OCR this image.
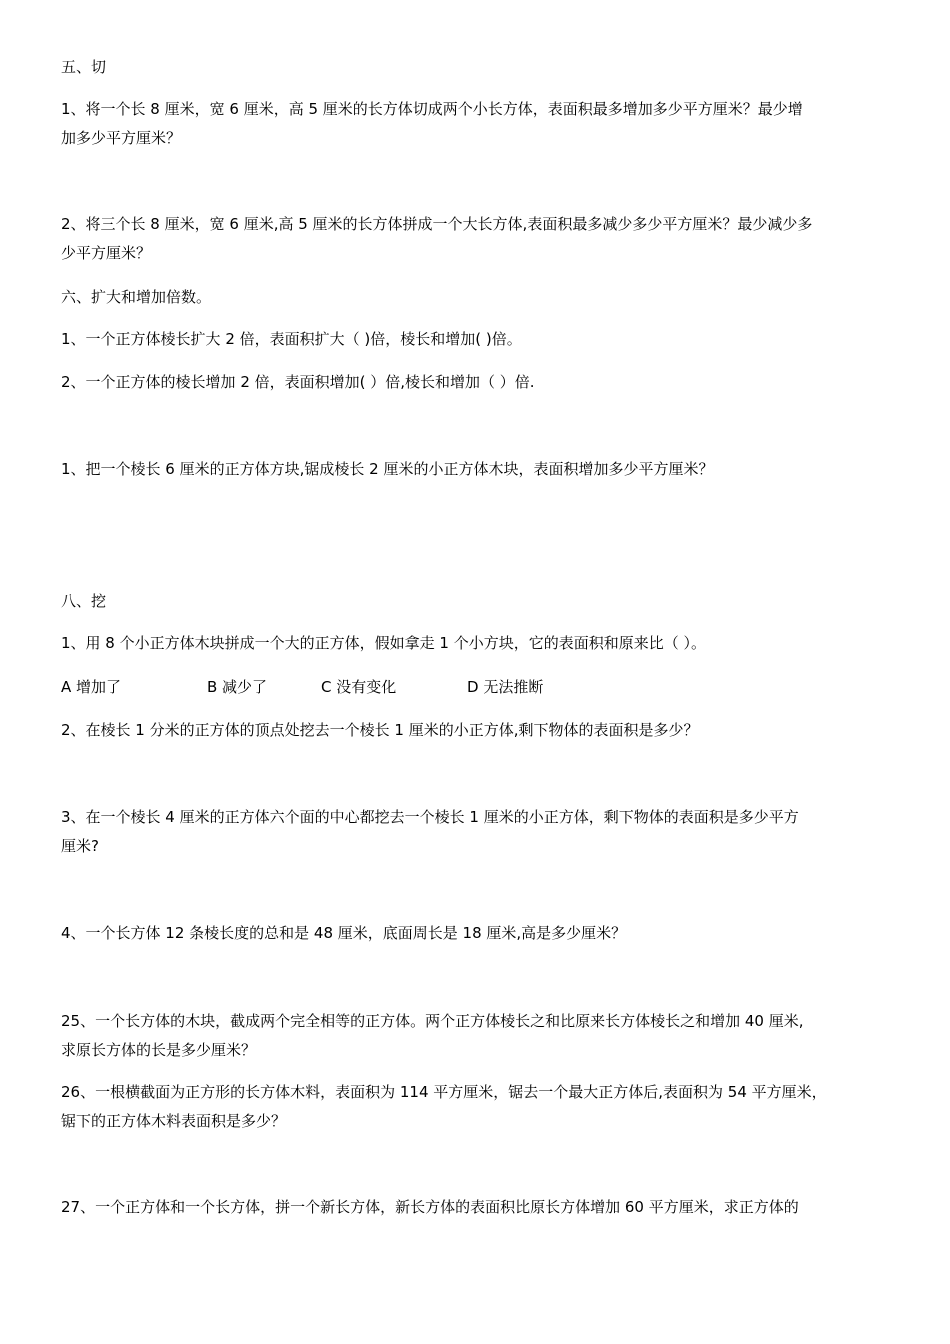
五、切
1、将一个长 8 厘米，宽 6 厘米，高 5 厘米的长方体切成两个小长方体，表面积最多增加多少平方厘米？最少增
加多少平方厘米？
2、将三个长 8 厘米，宽 6 厘米,高 5 厘米的长方体拼成一个大长方体,表面积最多减少多少平方厘米？最少减少多
少平方厘米？
六、扩大和增加倍数。
1、一个正方体棱长扩大 2 倍，表面积扩大（ )倍，棱长和增加( )倍。
2、一个正方体的棱长增加 2 倍，表面积增加( ）倍,棱长和增加（ ）倍.
1、把一个棱长 6 厘米的正方体方块,锯成棱长 2 厘米的小正方体木块，表面积增加多少平方厘米？
八、挖
1、用 8 个小正方体木块拼成一个大的正方体，假如拿走 1 个小方块，它的表面积和原来比（ ）。
A 增加了	B 减少了	C 没有变化	D 无法推断
2、在棱长 1 分米的正方体的顶点处挖去一个棱长 1 厘米的小正方体,剩下物体的表面积是多少？
3、在一个棱长 4 厘米的正方体六个面的中心都挖去一个棱长 1 厘米的小正方体，剩下物体的表面积是多少平方
厘米?
4、一个长方体 12 条棱长度的总和是 48 厘米，底面周长是 18 厘米,高是多少厘米？
25、一个长方体的木块，截成两个完全相等的正方体。两个正方体棱长之和比原来长方体棱长之和增加 40 厘米,
求原长方体的长是多少厘米？
26、一根横截面为正方形的长方体木料，表面积为 114 平方厘米，锯去一个最大正方体后,表面积为 54 平方厘米，
锯下的正方体木料表面积是多少？
27、一个正方体和一个长方体，拼一个新长方体，新长方体的表面积比原长方体增加 60 平方厘米，求正方体的
